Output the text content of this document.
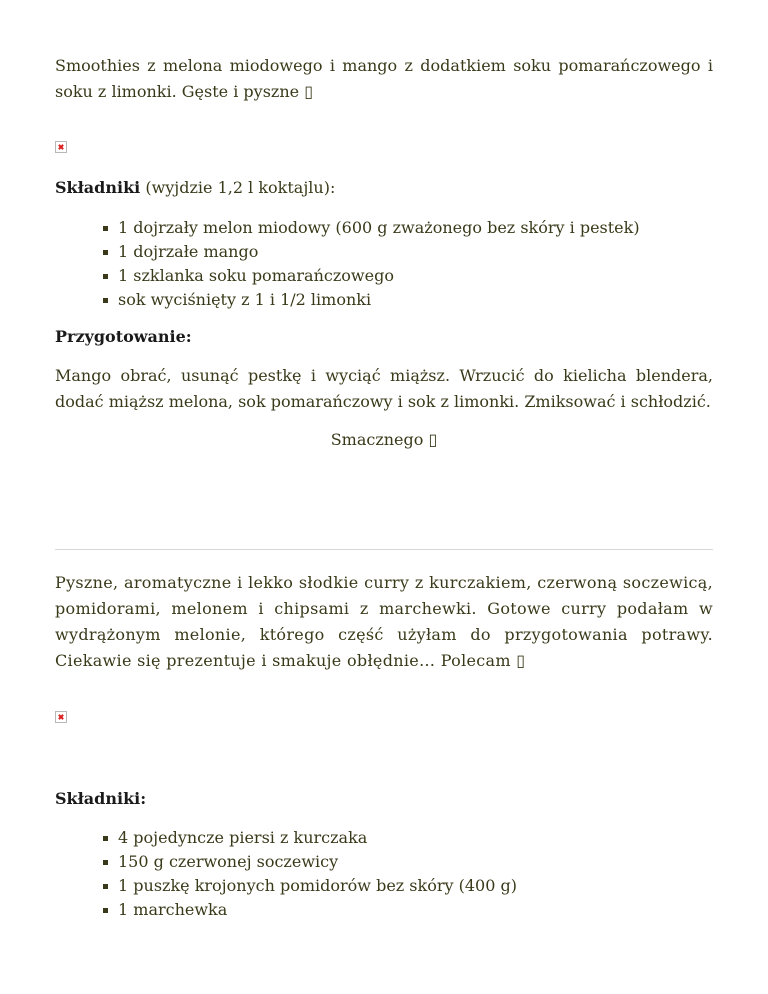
Smoothies z melona miodowego i mango z dodatkiem soku pomarańczowego i soku z limonki. Gęste i pyszne ▯

Składniki (wyjdzie 1,2 l koktajlu):

1 dojrzały melon miodowy (600 g zważonego bez skóry i pestek)
1 dojrzałe mango
1 szklanka soku pomarańczowego
sok wyciśnięty z 1 i 1/2 limonki

Przygotowanie:

Mango obrać, usunąć pestkę i wyciąć miąższ. Wrzucić do kielicha blendera, dodać miąższ melona, sok pomarańczowy i sok z limonki. Zmiksować i schłodzić.

Smacznego ▯

Pyszne, aromatyczne i lekko słodkie curry z kurczakiem, czerwoną soczewicą, pomidorami, melonem i chipsami z marchewki. Gotowe curry podałam w wydrążonym melonie, którego część użyłam do przygotowania potrawy. Ciekawie się prezentuje i smakuje obłędnie… Polecam ▯

Składniki:

4 pojedyncze piersi z kurczaka
150 g czerwonej soczewicy
1 puszkę krojonych pomidorów bez skóry (400 g)
1 marchewka
